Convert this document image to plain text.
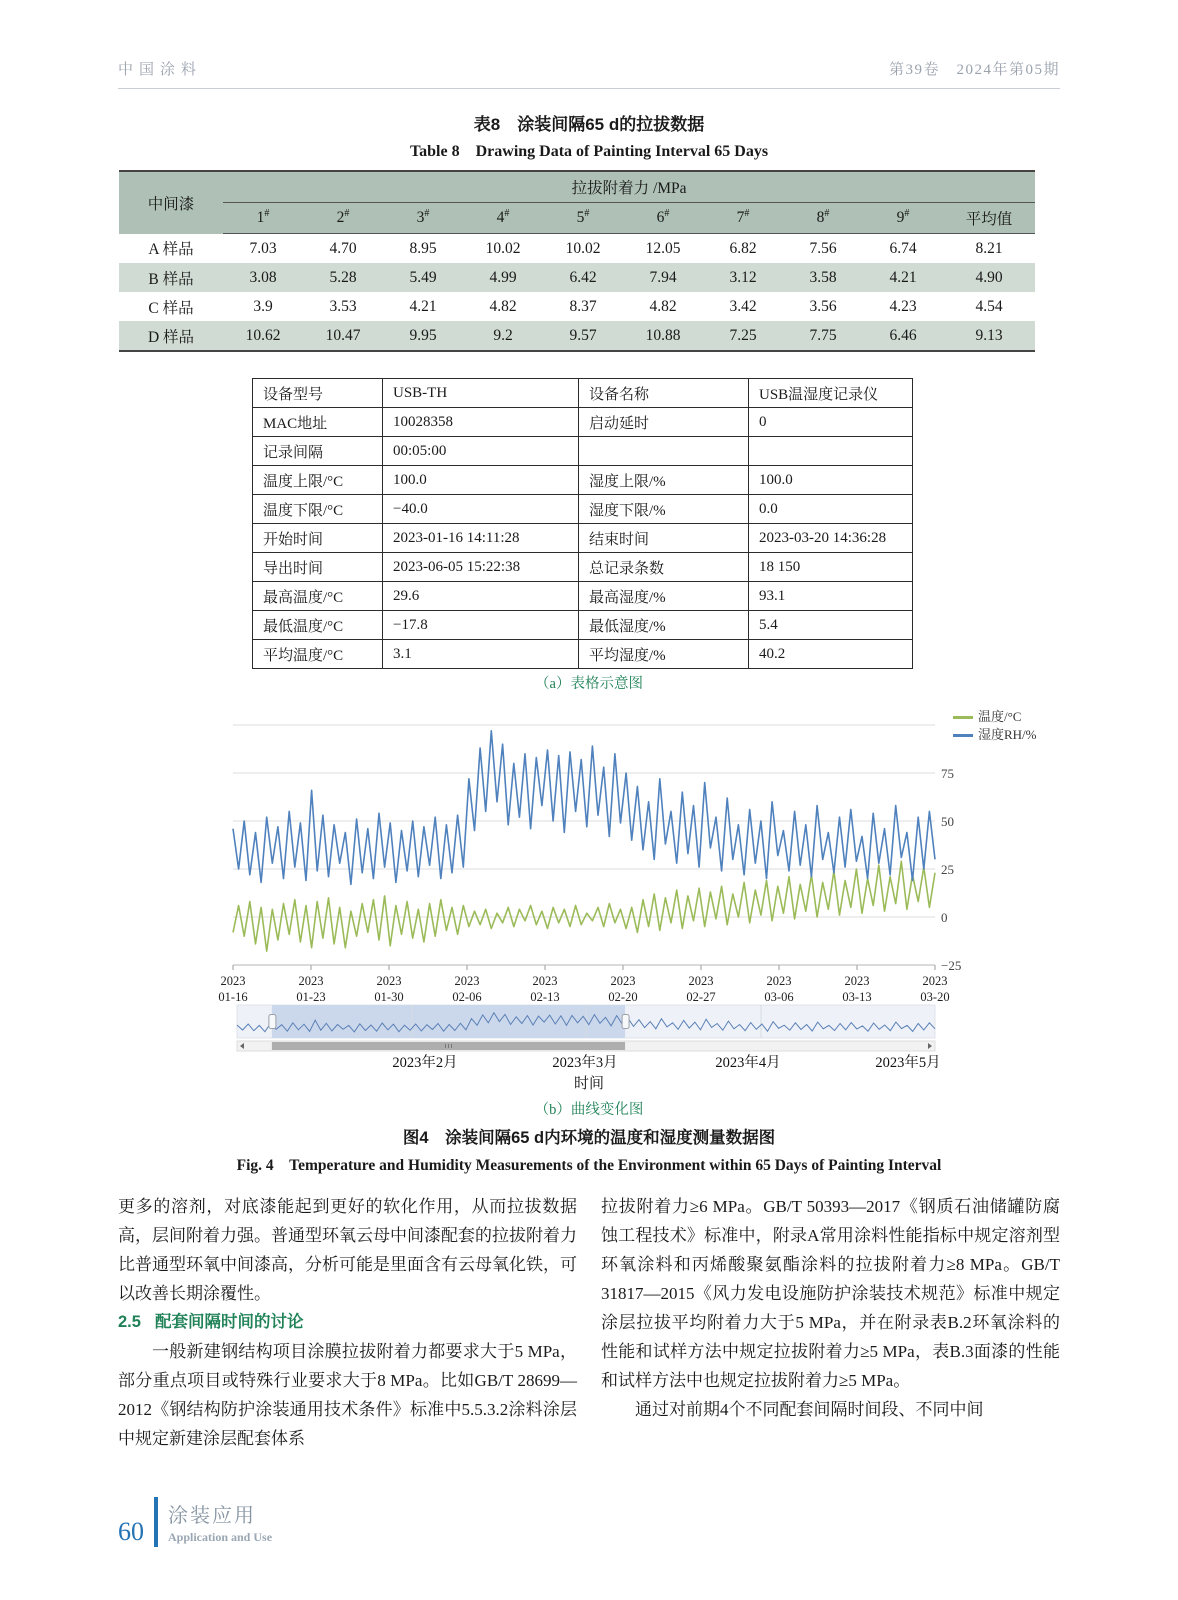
中国涂料	第39卷　2024年第05期
表8　涂装间隔65 d的拉拔数据
Table 8　Drawing Data of Painting Interval 65 Days
中间漆	拉拔附着力 /MPa									
	1#	2#	3#	4#	5#	6#	7#	8#	9#	平均值
A 样品	7.03	4.70	8.95	10.02	10.02	12.05	6.82	7.56	6.74	8.21
B 样品	3.08	5.28	5.49	4.99	6.42	7.94	3.12	3.58	4.21	4.90
C 样品	3.9	3.53	4.21	4.82	8.37	4.82	3.42	3.56	4.23	4.54
D 样品	10.62	10.47	9.95	9.2	9.57	10.88	7.25	7.75	6.46	9.13
设备型号	USB-TH	设备名称	USB温湿度记录仪
MAC地址	10028358	启动延时	0
记录间隔	00:05:00		
温度上限/°C	100.0	湿度上限/%	100.0
温度下限/°C	−40.0	湿度下限/%	0.0
开始时间	2023-01-16 14:11:28	结束时间	2023-03-20 14:36:28
导出时间	2023-06-05 15:22:38	总记录条数	18 150
最高温度/°C	29.6	最高湿度/%	93.1
最低温度/°C	−17.8	最低湿度/%	5.4
平均温度/°C	3.1	平均湿度/%	40.2
（a）表格示意图
75
50
25
0
−25
2023
01-16
2023
01-23
2023
01-30
2023
02-06
2023
02-13
2023
02-20
2023
02-27
2023
03-06
2023
03-13
2023
03-20
2023年2月	2023年3月	2023年4月	2023年5月
温度/°C
湿度RH/%
时间
（b）曲线变化图
图4　涂装间隔65 d内环境的温度和湿度测量数据图
Fig. 4　Temperature and Humidity Measurements of the Environment within 65 Days of Painting Interval

更多的溶剂，对底漆能起到更好的软化作用，从而拉拔数据高，层间附着力强。普通型环氧云母中间漆配套的拉拔附着力比普通型环氧中间漆高，分析可能是里面含有云母氧化铁，可以改善长期涂覆性。

2.5 配套间隔时间的讨论

一般新建钢结构项目涂膜拉拔附着力都要求大于5 MPa，部分重点项目或特殊行业要求大于8 MPa。比如GB/T 28699—2012《钢结构防护涂装通用技术条件》标准中5.5.3.2涂料涂层中规定新建涂层配套体系

拉拔附着力≥6 MPa。GB/T 50393—2017《钢质石油储罐防腐蚀工程技术》标准中，附录A常用涂料性能指标中规定溶剂型环氧涂料和丙烯酸聚氨酯涂料的拉拔附着力≥8 MPa。GB/T 31817—2015《风力发电设施防护涂装技术规范》标准中规定涂层拉拔平均附着力大于5 MPa，并在附录表B.2环氧涂料的性能和试样方法中规定拉拔附着力≥5 MPa，表B.3面漆的性能和试样方法中也规定拉拔附着力≥5 MPa。

通过对前期4个不同配套间隔时间段、不同中间

60
涂装应用
Application and Use
